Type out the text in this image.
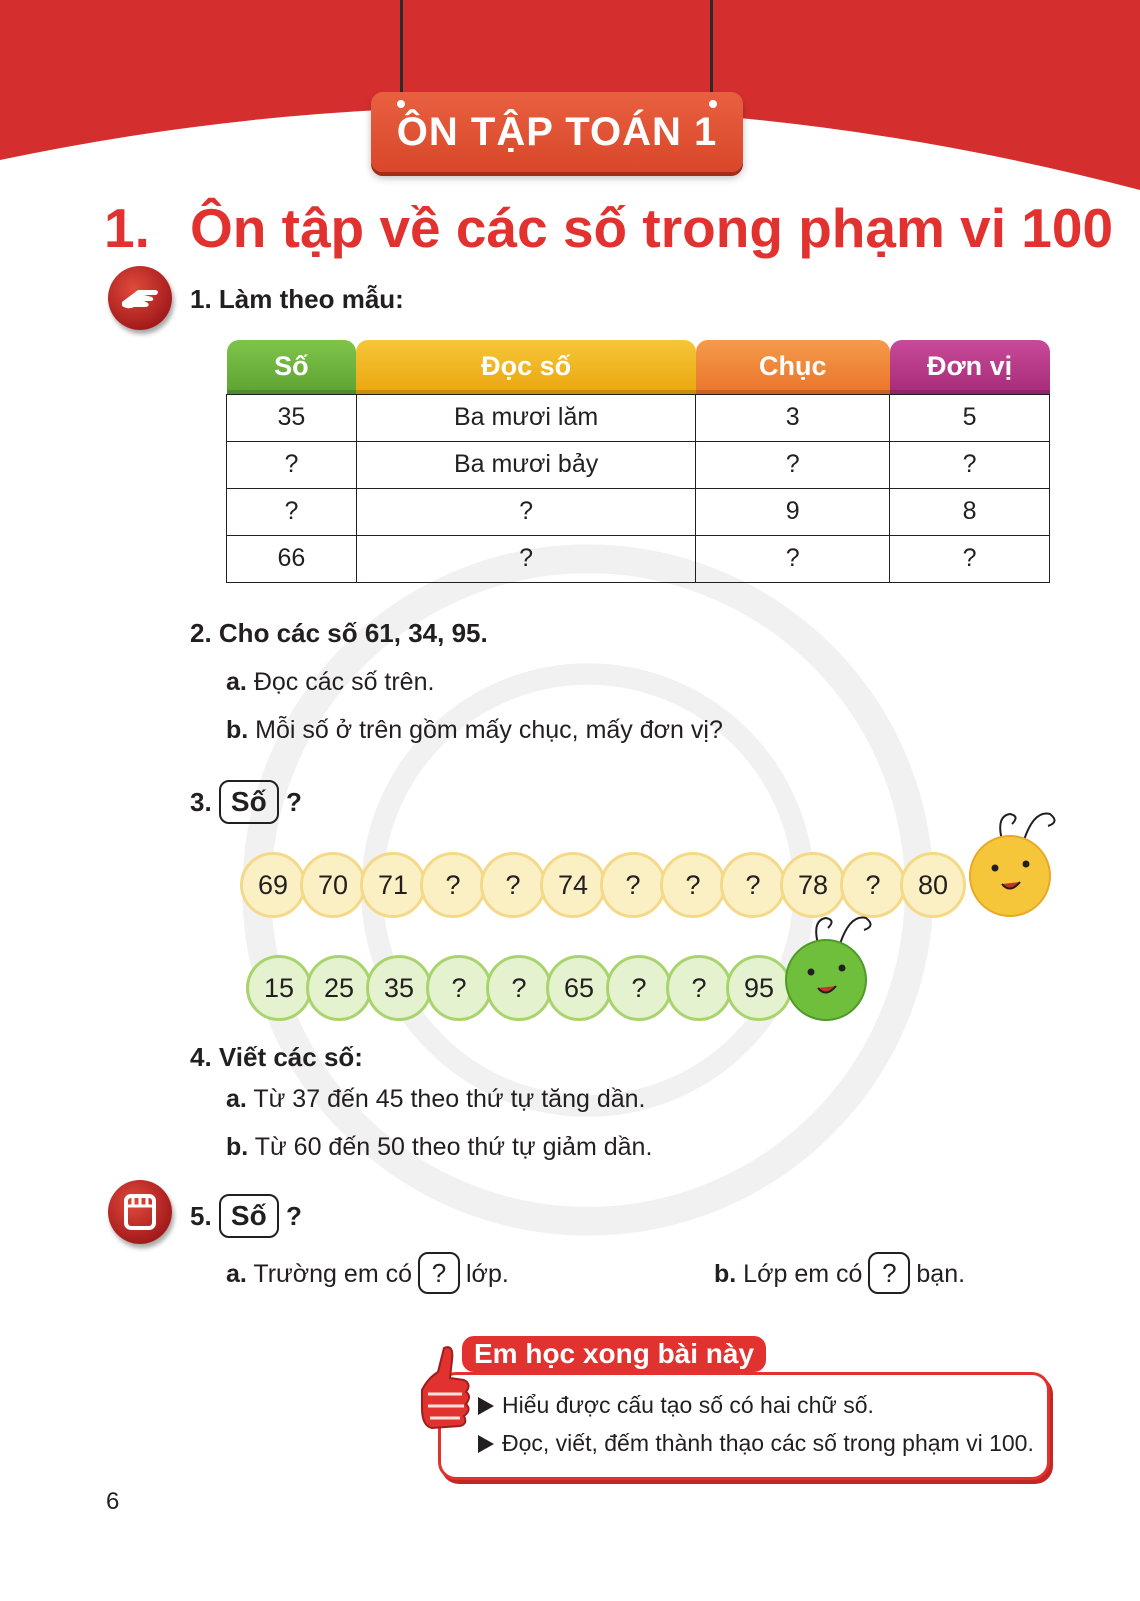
ÔN TẬP TOÁN 1
1. Ôn tập về các số trong phạm vi 100
1. Làm theo mẫu:
Số	Đọc số	Chục	Đơn vị
35	Ba mươi lăm	3	5
?	Ba mươi bảy	?	?
?	?	9	8
66	?	?	?
2. Cho các số 61, 34, 95.
a. Đọc các số trên.
b. Mỗi số ở trên gồm mấy chục, mấy đơn vị?
3. Số ?
69	70	71	?	?	74	?	?	?	78	?	80
15	25	35	?	?	65	?	?	95
4. Viết các số:
a. Từ 37 đến 45 theo thứ tự tăng dần.
b. Từ 60 đến 50 theo thứ tự giảm dần.
5. Số ?
a. Trường em có ? lớp.	b. Lớp em có ? bạn.
Em học xong bài này
Hiểu được cấu tạo số có hai chữ số.
Đọc, viết, đếm thành thạo các số trong phạm vi 100.
6
